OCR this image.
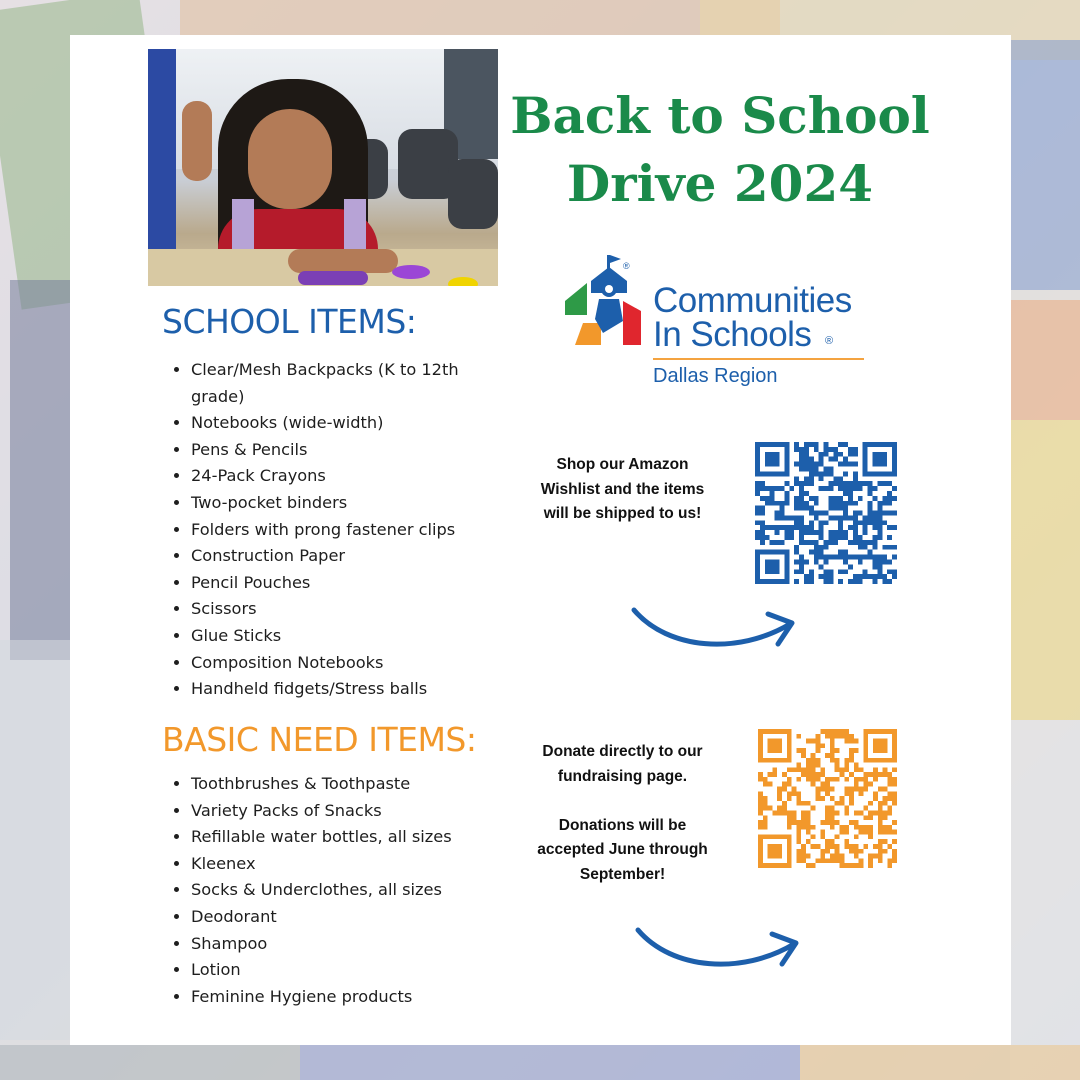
Back to School
Drive 2024
®
Communities
In Schools ®
Dallas Region
SCHOOL ITEMS:
• Clear/Mesh Backpacks (K to 12th grade)
• Notebooks (wide-width)
• Pens & Pencils
• 24-Pack Crayons
• Two-pocket binders
• Folders with prong fastener clips
• Construction Paper
• Pencil Pouches
• Scissors
• Glue Sticks
• Composition Notebooks
• Handheld fidgets/Stress balls
BASIC NEED ITEMS:
• Toothbrushes & Toothpaste
• Variety Packs of Snacks
• Refillable water bottles, all sizes
• Kleenex
• Socks & Underclothes, all sizes
• Deodorant
• Shampoo
• Lotion
• Feminine Hygiene products

Shop our Amazon Wishlist and the items will be shipped to us!

Donate directly to our fundraising page.
Donations will be accepted June through September!
